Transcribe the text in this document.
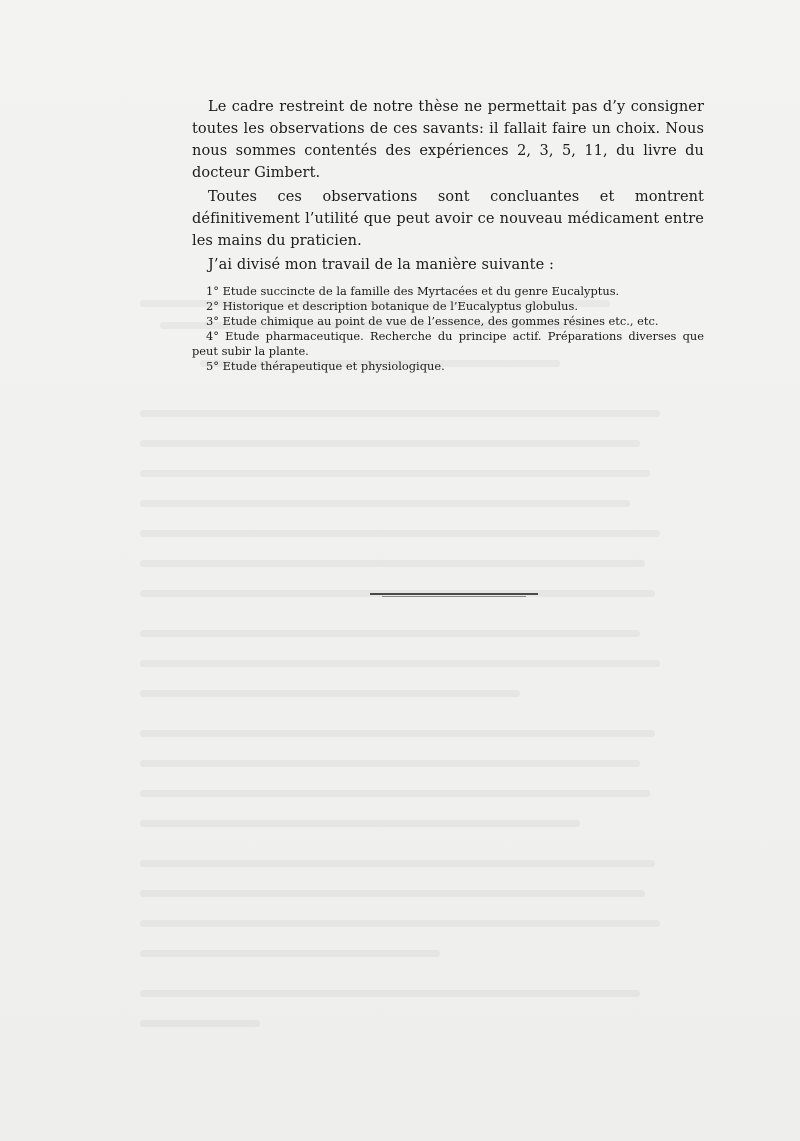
Le cadre restreint de notre thèse ne permettait pas d’y consigner toutes les observations de ces savants: il fallait faire un choix. Nous nous sommes contentés des expériences 2, 3, 5, 11, du livre du docteur Gimbert.

Toutes ces observations sont concluantes et montrent définitivement l’utilité que peut avoir ce nouveau médicament entre les mains du praticien.

J’ai divisé mon travail de la manière suivante :

1° Etude succincte de la famille des Myrtacées et du genre Eucalyptus.
2° Historique et description botanique de l’Eucalyptus globulus.
3° Etude chimique au point de vue de l’essence, des gommes résines etc., etc.
4° Etude pharmaceutique. Recherche du principe actif. Préparations diverses que peut subir la plante.
5° Etude thérapeutique et physiologique.
